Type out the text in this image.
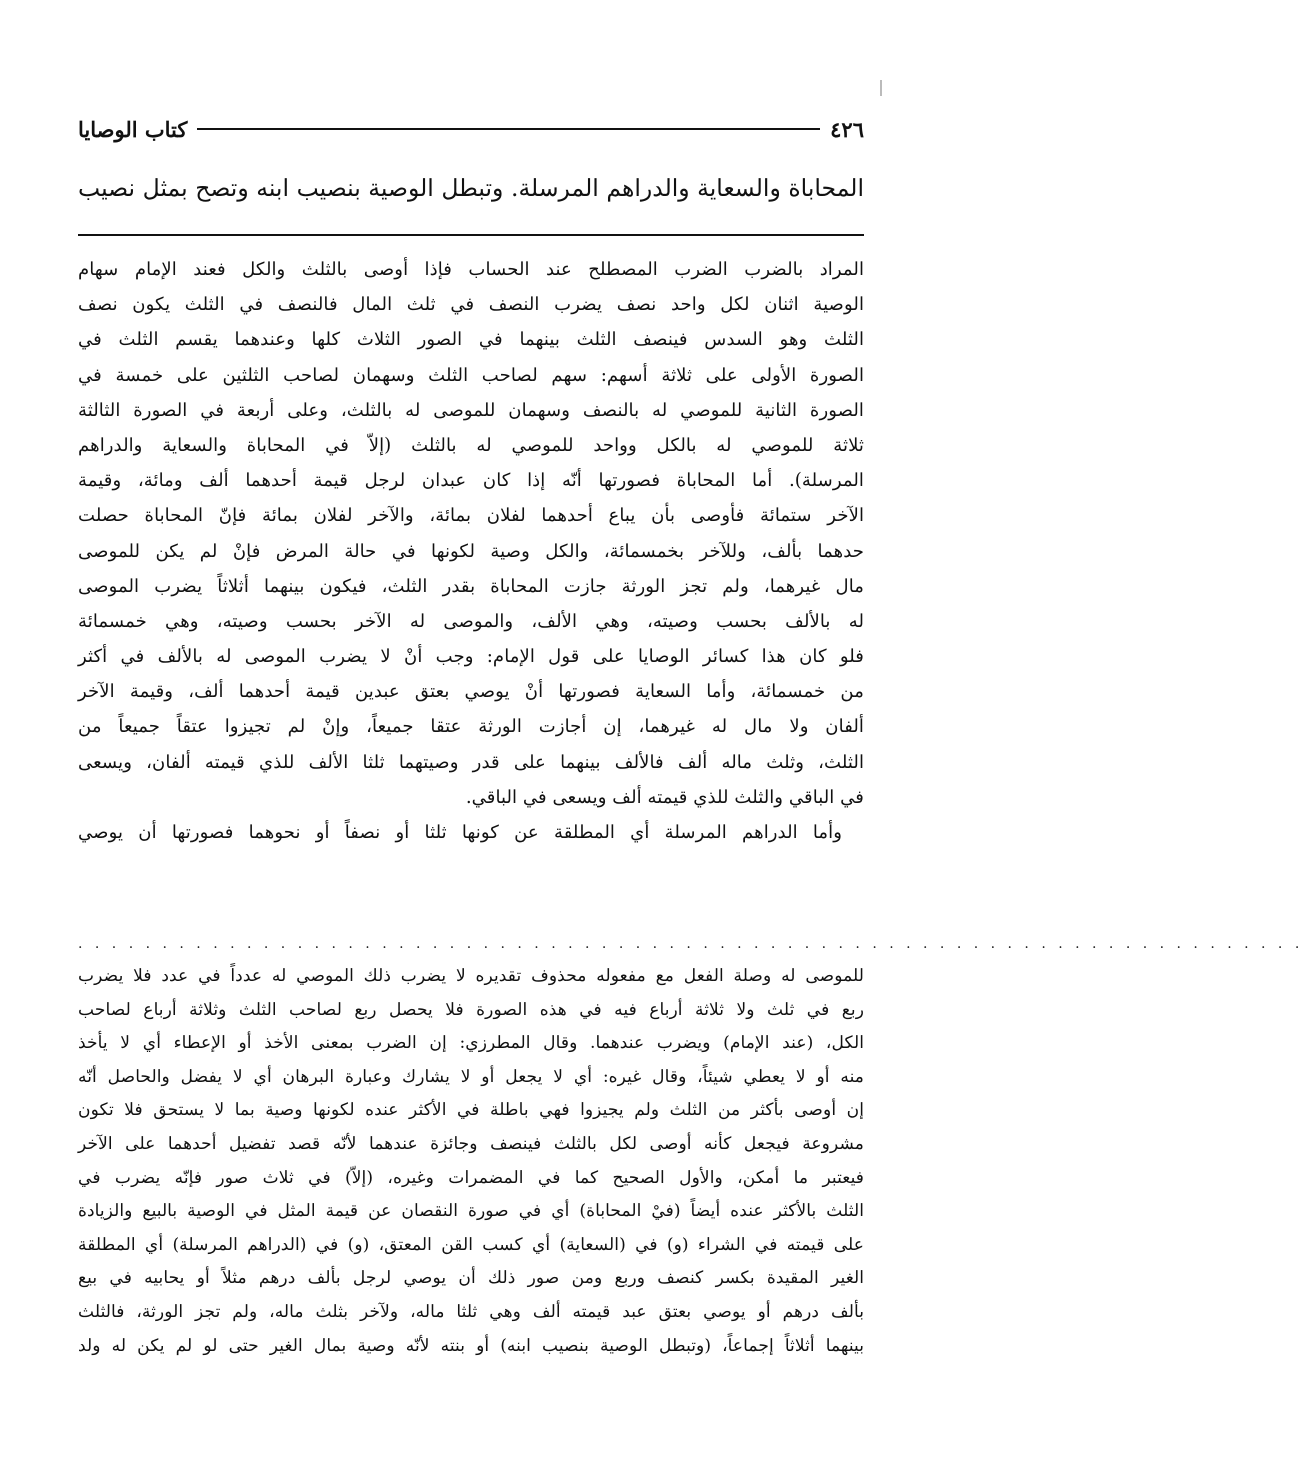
٤٢٦
كتاب الوصايا
المحاباة والسعاية والدراهم المرسلة. وتبطل الوصية بنصيب ابنه وتصح بمثل نصيب
المراد بالضرب الضرب المصطلح عند الحساب فإذا أوصى بالثلث والكل فعند الإمام سهام
الوصية اثنان لكل واحد نصف يضرب النصف في ثلث المال فالنصف في الثلث يكون نصف
الثلث وهو السدس فينصف الثلث بينهما في الصور الثلاث كلها وعندهما يقسم الثلث في
الصورة الأولى على ثلاثة أسهم: سهم لصاحب الثلث وسهمان لصاحب الثلثين على خمسة في
الصورة الثانية للموصي له بالنصف وسهمان للموصى له بالثلث، وعلى أربعة في الصورة الثالثة
ثلاثة للموصي له بالكل وواحد للموصي له بالثلث (إلاّ في المحاباة والسعاية والدراهم
المرسلة). أما المحاباة فصورتها أنّه إذا كان عبدان لرجل قيمة أحدهما ألف ومائة، وقيمة
الآخر ستمائة فأوصى بأن يباع أحدهما لفلان بمائة، والآخر لفلان بمائة فإنّ المحاباة حصلت
حدهما بألف، وللآخر بخمسمائة، والكل وصية لكونها في حالة المرض فإنْ لم يكن للموصى
مال غيرهما، ولم تجز الورثة جازت المحاباة بقدر الثلث، فيكون بينهما أثلاثاً يضرب الموصى
له بالألف بحسب وصيته، وهي الألف، والموصى له الآخر بحسب وصيته، وهي خمسمائة
فلو كان هذا كسائر الوصايا على قول الإمام: وجب أنْ لا يضرب الموصى له بالألف في أكثر
من خمسمائة، وأما السعاية فصورتها أنْ يوصي بعتق عبدين قيمة أحدهما ألف، وقيمة الآخر
ألفان ولا مال له غيرهما، إن أجازت الورثة عتقا جميعاً، وإنْ لم تجيزوا عتقاً جميعاً من
الثلث، وثلث ماله ألف فالألف بينهما على قدر وصيتهما ثلثا الألف للذي قيمته ألفان، ويسعى
في الباقي والثلث للذي قيمته ألف ويسعى في الباقي.
وأما الدراهم المرسلة أي المطلقة عن كونها ثلثا أو نصفاً أو نحوهما فصورتها أن يوصي
. . . . . . . . . . . . . . . . . . . . . . . . . . . . . . . . . . . . . . . . . . . . . . . . . . . . . . . . . . . . . . . . . . . . . . . . .
للموصى له وصلة الفعل مع مفعوله محذوف تقديره لا يضرب ذلك الموصي له عدداً في عدد فلا يضرب
ربع في ثلث ولا ثلاثة أرباع فيه في هذه الصورة فلا يحصل ربع لصاحب الثلث وثلاثة أرباع لصاحب
الكل، (عند الإمام) ويضرب عندهما. وقال المطرزي: إن الضرب بمعنى الأخذ أو الإعطاء أي لا يأخذ
منه أو لا يعطي شيئاً، وقال غيره: أي لا يجعل أو لا يشارك وعبارة البرهان أي لا يفضل والحاصل أنّه
إن أوصى بأكثر من الثلث ولم يجيزوا فهي باطلة في الأكثر عنده لكونها وصية بما لا يستحق فلا تكون
مشروعة فيجعل كأنه أوصى لكل بالثلث فينصف وجائزة عندهما لأنّه قصد تفضيل أحدهما على الآخر
فيعتبر ما أمكن، والأول الصحيح كما في المضمرات وغيره، (إلاّ) في ثلاث صور فإنّه يضرب في
الثلث بالأكثر عنده أيضاً (فيْ المحاباة) أي في صورة النقصان عن قيمة المثل في الوصية بالبيع والزيادة
على قيمته في الشراء (و) في (السعاية) أي كسب القن المعتق، (و) في (الدراهم المرسلة) أي المطلقة
الغير المقيدة بكسر كنصف وربع ومن صور ذلك أن يوصي لرجل بألف درهم مثلاً أو يحابيه في بيع
بألف درهم أو يوصي بعتق عبد قيمته ألف وهي ثلثا ماله، ولآخر بثلث ماله، ولم تجز الورثة، فالثلث
بينهما أثلاثاً إجماعاً، (وتبطل الوصية بنصيب ابنه) أو بنته لأنّه وصية بمال الغير حتى لو لم يكن له ولد
